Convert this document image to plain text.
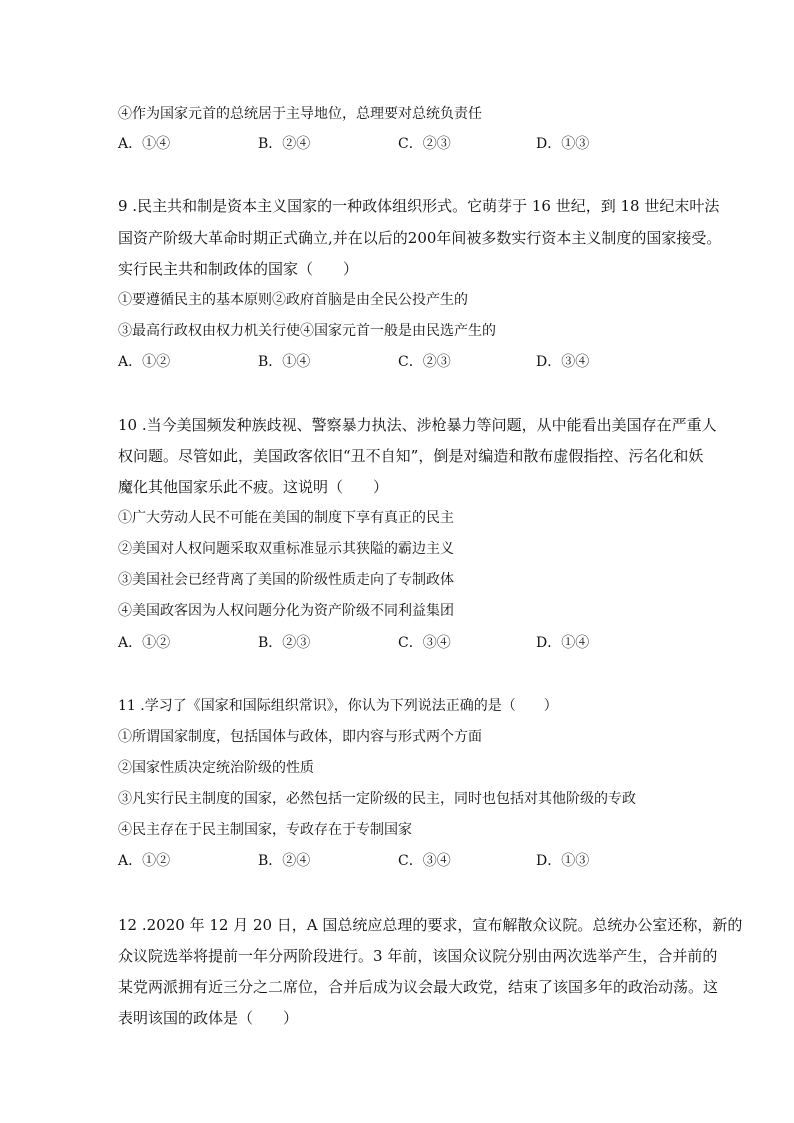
④作为国家元首的总统居于主导地位，总理要对总统负责任
A．①④	B．②④	C．②③	D．①③
9 .民主共和制是资本主义国家的一种政体组织形式。它萌芽于 16 世纪，到 18 世纪末叶法
国资产阶级大革命时期正式确立,并在以后的200年间被多数实行资本主义制度的国家接受。
实行民主共和制政体的国家（　　）
①要遵循民主的基本原则②政府首脑是由全民公投产生的
③最高行政权由权力机关行使④国家元首一般是由民选产生的
A．①②	B．①④	C．②③	D．③④
10 .当今美国频发种族歧视、警察暴力执法、涉枪暴力等问题，从中能看出美国存在严重人
权问题。尽管如此，美国政客依旧“丑不自知”，倒是对编造和散布虚假指控、污名化和妖
魔化其他国家乐此不疲。这说明（　　）
①广大劳动人民不可能在美国的制度下享有真正的民主
②美国对人权问题采取双重标准显示其狭隘的霸边主义
③美国社会已经背离了美国的阶级性质走向了专制政体
④美国政客因为人权问题分化为资产阶级不同利益集团
A．①②	B．②③	C．③④	D．①④
11 .学习了《国家和国际组织常识》，你认为下列说法正确的是（　　）
①所谓国家制度，包括国体与政体，即内容与形式两个方面
②国家性质决定统治阶级的性质
③凡实行民主制度的国家，必然包括一定阶级的民主，同时也包括对其他阶级的专政
④民主存在于民主制国家，专政存在于专制国家
A．①②	B．②④	C．③④	D．①③
12 .2020 年 12 月 20 日，A 国总统应总理的要求，宣布解散众议院。总统办公室还称，新的
众议院选举将提前一年分两阶段进行。3 年前，该国众议院分别由两次选举产生，合并前的
某党两派拥有近三分之二席位，合并后成为议会最大政党，结束了该国多年的政治动荡。这
表明该国的政体是（　　）
